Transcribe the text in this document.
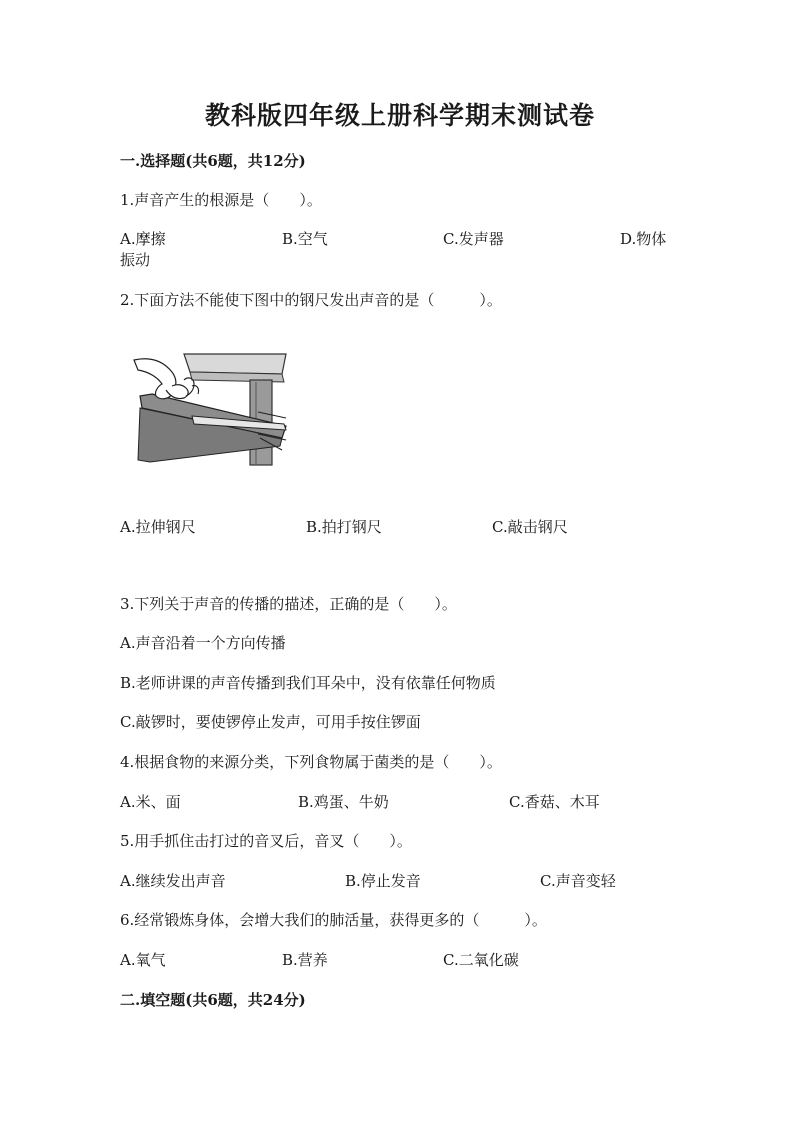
教科版四年级上册科学期末测试卷
一.选择题(共6题，共12分)
1.声音产生的根源是（　　）。
A.摩擦	B.空气	C.发声器	D.物体
振动
2.下面方法不能使下图中的钢尺发出声音的是（　　　）。
A.拉伸钢尺	B.拍打钢尺	C.敲击钢尺
3.下列关于声音的传播的描述，正确的是（　　）。
A.声音沿着一个方向传播
B.老师讲课的声音传播到我们耳朵中，没有依靠任何物质
C.敲锣时，要使锣停止发声，可用手按住锣面
4.根据食物的来源分类，下列食物属于菌类的是（　　）。
A.米、面	B.鸡蛋、牛奶	C.香菇、木耳
5.用手抓住击打过的音叉后，音叉（　　）。
A.继续发出声音	B.停止发音	C.声音变轻
6.经常锻炼身体，会增大我们的肺活量，获得更多的（　　　）。
A.氧气	B.营养	C.二氧化碳
二.填空题(共6题，共24分)
